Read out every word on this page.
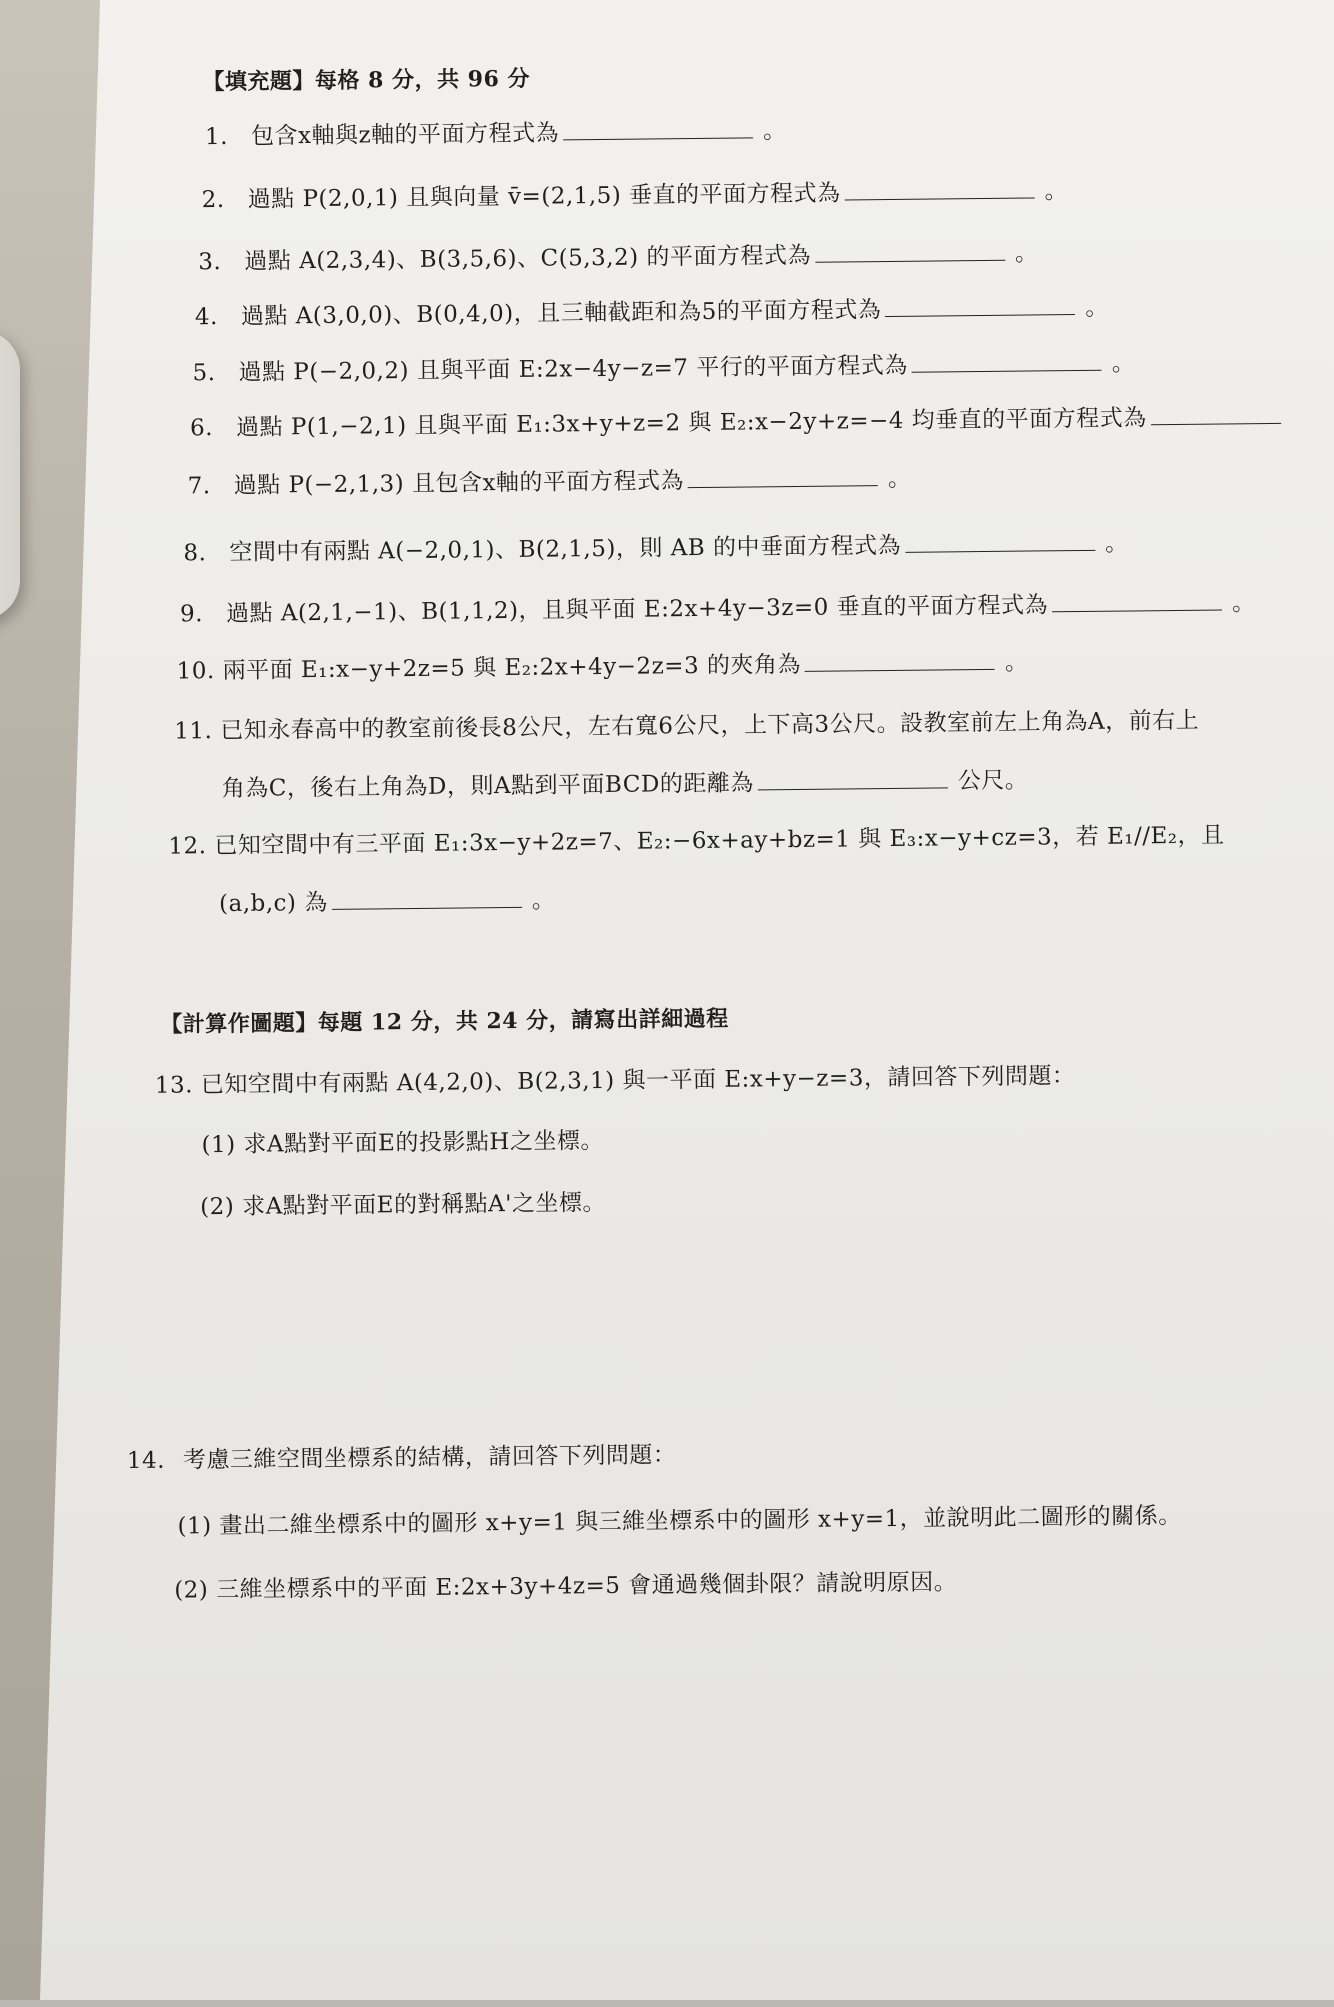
【填充題】每格 8 分，共 96 分
1. 包含x軸與z軸的平面方程式為	。
2. 過點 P(2,0,1) 且與向量 v̄=(2,1,5) 垂直的平面方程式為	。
3. 過點 A(2,3,4)、B(3,5,6)、C(5,3,2) 的平面方程式為	。
4. 過點 A(3,0,0)、B(0,4,0)，且三軸截距和為5的平面方程式為	。
5. 過點 P(−2,0,2) 且與平面 E:2x−4y−z=7 平行的平面方程式為	。
6. 過點 P(1,−2,1) 且與平面 E₁:3x+y+z=2 與 E₂:x−2y+z=−4 均垂直的平面方程式為
7. 過點 P(−2,1,3) 且包含x軸的平面方程式為	。
8. 空間中有兩點 A(−2,0,1)、B(2,1,5)，則 AB 的中垂面方程式為	。
9. 過點 A(2,1,−1)、B(1,1,2)，且與平面 E:2x+4y−3z=0 垂直的平面方程式為	。
10. 兩平面 E₁:x−y+2z=5 與 E₂:2x+4y−2z=3 的夾角為	。
11. 已知永春高中的教室前後長8公尺，左右寬6公尺，上下高3公尺。設教室前左上角為A，前右上
角為C，後右上角為D，則A點到平面BCD的距離為	公尺。
12. 已知空間中有三平面 E₁:3x−y+2z=7、E₂:−6x+ay+bz=1 與 E₃:x−y+cz=3，若 E₁//E₂，且
(a,b,c) 為	。
【計算作圖題】每題 12 分，共 24 分，請寫出詳細過程
13. 已知空間中有兩點 A(4,2,0)、B(2,3,1) 與一平面 E:x+y−z=3，請回答下列問題：
(1) 求A點對平面E的投影點H之坐標。
(2) 求A點對平面E的對稱點A'之坐標。
14. 考慮三維空間坐標系的結構，請回答下列問題：
(1) 畫出二維坐標系中的圖形 x+y=1 與三維坐標系中的圖形 x+y=1，並說明此二圖形的關係。
(2) 三維坐標系中的平面 E:2x+3y+4z=5 會通過幾個卦限？請說明原因。
